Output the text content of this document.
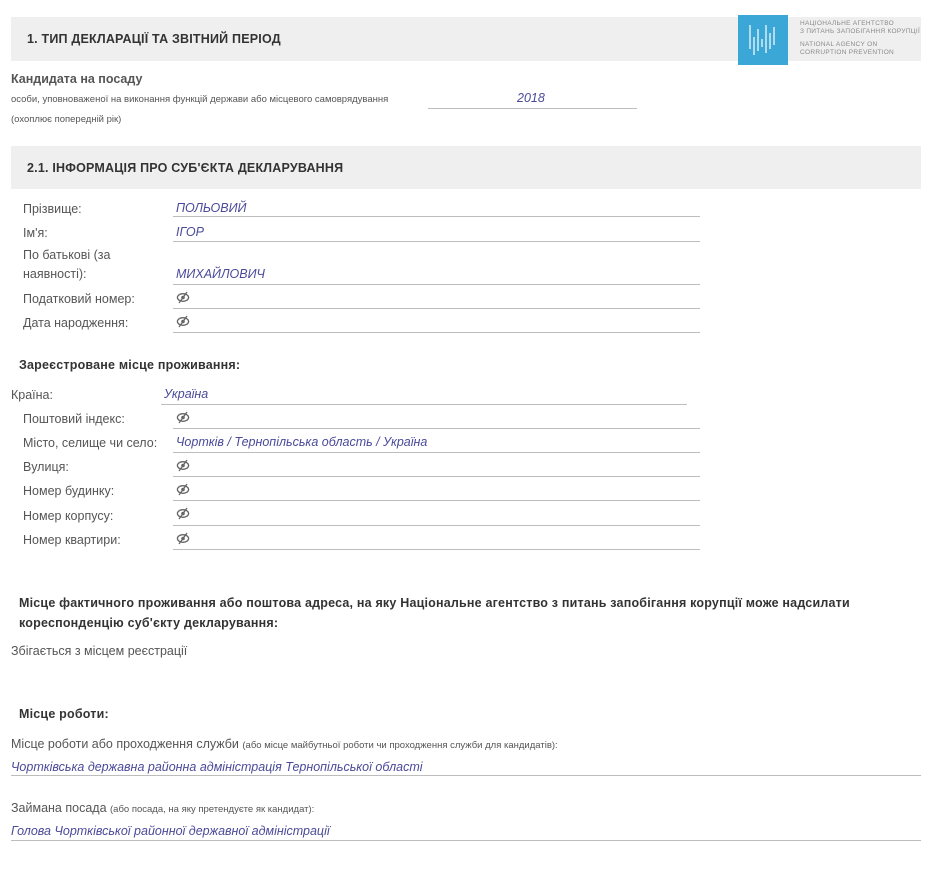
1. ТИП ДЕКЛАРАЦІЇ ТА ЗВІТНИЙ ПЕРІОД
НАЦІОНАЛЬНЕ АГЕНТСТВО
З ПИТАНЬ ЗАПОБІГАННЯ КОРУПЦІЇ
NATIONAL AGENCY ON
CORRUPTION PREVENTION
Кандидата на посаду
особи, уповноваженої на виконання функцій держави або місцевого самоврядування	2018
(охоплює попередній рік)
2.1. ІНФОРМАЦІЯ ПРО СУБ'ЄКТА ДЕКЛАРУВАННЯ
Прізвище:	ПОЛЬОВИЙ
Ім'я:	ІГОР
По батькові (за
наявності):	МИХАЙЛОВИЧ
Податковий номер:
Дата народження:
Зареєстроване місце проживання:
Країна:	Україна
Поштовий індекс:
Місто, селище чи село: Чортків / Тернопільська область / Україна
Вулиця:
Номер будинку:
Номер корпусу:
Номер квартири:
Місце фактичного проживання або поштова адреса, на яку Національне агентство з питань запобігання корупції може надсилати
кореспонденцію суб'єкту декларування:
Збігається з місцем реєстрації
Місце роботи:
Місце роботи або проходження служби (або місце майбутньої роботи чи проходження служби для кандидатів):
Чортківська державна районна адміністрація Тернопільської області
Займана посада (або посада, на яку претендуєте як кандидат):
Голова Чортківської районної державної адміністрації
